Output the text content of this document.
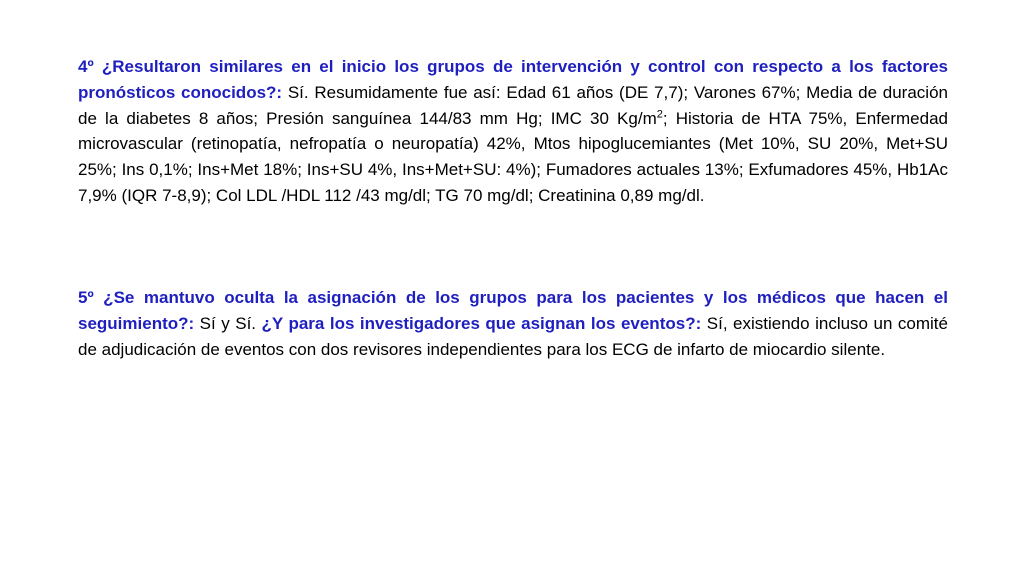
4º ¿Resultaron similares en el inicio los grupos de intervención y control con respecto a los factores pronósticos conocidos?: Sí. Resumidamente fue así: Edad 61 años (DE 7,7); Varones 67%; Media de duración de la diabetes 8 años; Presión sanguínea 144/83 mm Hg; IMC 30 $Kg/m^2$; Historia de HTA 75%, Enfermedad microvascular (retinopatía, nefropatía o neuropatía) 42%, Mtos hipoglucemiantes (Met 10%, SU 20%, Met+SU 25%; Ins 0,1%; Ins+Met 18%; Ins+SU 4%, Ins+Met+SU: 4%); Fumadores actuales 13%; Exfumadores 45%, Hb1Ac 7,9% (IQR 7-8,9); Col LDL /HDL 112 /43 mg/dl; TG 70 mg/dl; Creatinina 0,89 mg/dl.

5º ¿Se mantuvo oculta la asignación de los grupos para los pacientes y los médicos que hacen el seguimiento?: Sí y Sí. ¿Y para los investigadores que asignan los eventos?: Sí, existiendo incluso un comité de adjudicación de eventos con dos revisores independientes para los ECG de infarto de miocardio silente.
